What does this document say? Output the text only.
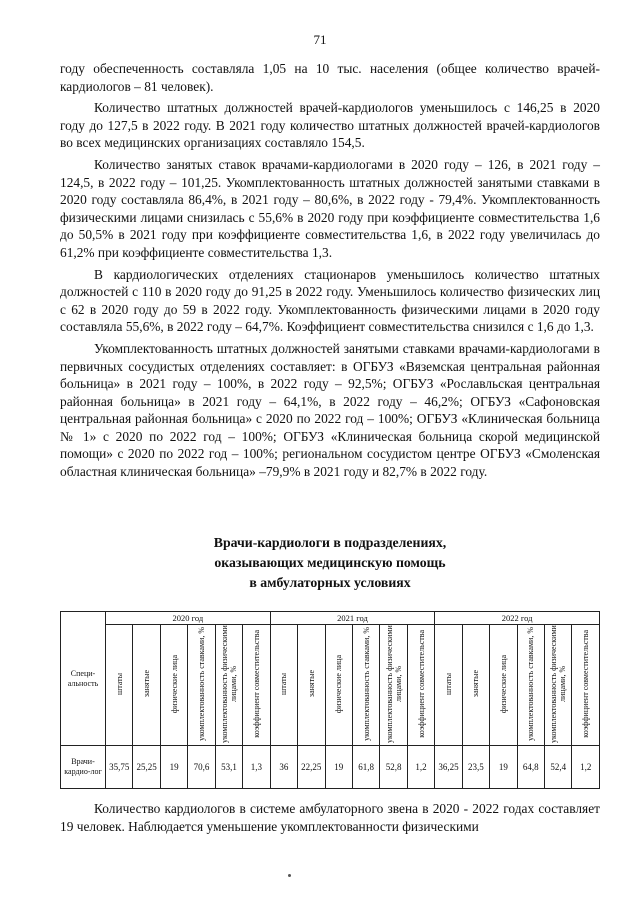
71

году обеспеченность составляла 1,05 на 10 тыс. населения (общее количество врачей- кардиологов – 81 человек).

Количество штатных должностей врачей-кардиологов уменьшилось с 146,25 в 2020 году до 127,5 в 2022 году. В 2021 году количество штатных должностей врачей-кардиологов во всех медицинских организациях составляло 154,5.

Количество занятых ставок врачами-кардиологами в 2020 году – 126, в 2021 году – 124,5, в 2022 году – 101,25. Укомплектованность штатных должностей занятыми ставками в 2020 году составляла 86,4%, в 2021 году – 80,6%, в 2022 году - 79,4%. Укомплектованность физическими лицами снизилась с 55,6% в 2020 году при коэффициенте совместительства 1,6 до 50,5% в 2021 году при коэффициенте совместительства 1,6, в 2022 году увеличилась до 61,2% при коэффициенте совместительства 1,3.

В кардиологических отделениях стационаров уменьшилось количество штатных должностей с 110 в 2020 году до 91,25 в 2022 году. Уменьшилось количество физических лиц с 62 в 2020 году до 59 в 2022 году. Укомплектованность физическими лицами в 2020 году составляла 55,6%, в 2022 году – 64,7%. Коэффициент совместительства снизился с 1,6 до 1,3.

Укомплектованность штатных должностей занятыми ставками врачами-кардиологами в первичных сосудистых отделениях составляет: в ОГБУЗ «Вяземская центральная районная больница» в 2021 году – 100%, в 2022 году – 92,5%; ОГБУЗ «Рославльская центральная районная больница» в 2021 году – 64,1%, в 2022 году – 46,2%; ОГБУЗ «Сафоновская центральная районная больница» с 2020 по 2022 год – 100%; ОГБУЗ «Клиническая больница № 1» с 2020 по 2022 год – 100%; ОГБУЗ «Клиническая больница скорой медицинской помощи» с 2020 по 2022 год – 100%; региональном сосудистом центре ОГБУЗ «Смоленская областная клиническая больница» –79,9% в 2021 году и 82,7% в 2022 году.

Врачи-кардиологи в подразделениях,
оказывающих медицинскую помощь
в амбулаторных условиях
Специ-альность	2020 год						2021 год						2022 год					
	штаты	занятые	физические лица	укомплектованность ставками, %	укомплектованность физическими лицами, %	коэффициент совместительства	штаты	занятые	физические лица	укомплектованность ставками, %	укомплектованность физическими лицами, %	коэффициент совместительства	штаты	занятые	физические лица	укомплектованность ставками, %	укомплектованность физическими лицами, %	коэффициент совместительства
Врачи-кардио-лог	35,75	25,25	19	70,6	53,1	1,3	36	22,25	19	61,8	52,8	1,2	36,25	23,5	19	64,8	52,4	1,2

Количество кардиологов в системе амбулаторного звена в 2020 - 2022 годах составляет 19 человек. Наблюдается уменьшение укомплектованности физическими
